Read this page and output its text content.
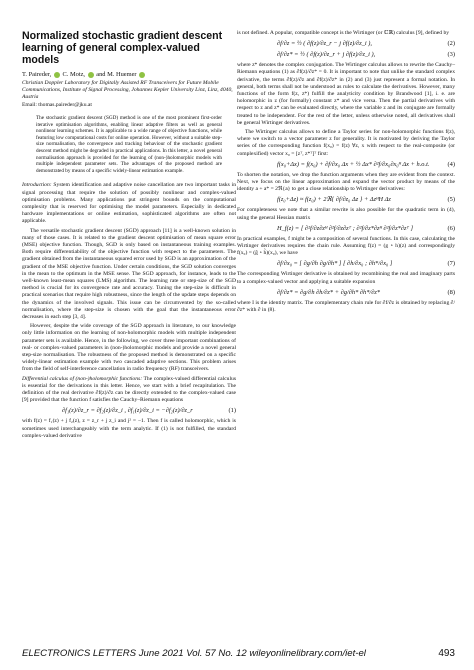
Normalized stochastic gradient descent learning of general complex-valued models
T. Paireder, C. Motz, and M. Huemer
Christian Doppler Laboratory for Digitally Assisted RF Transceivers for Future Mobile Communications, Institute of Signal Processing, Johannes Kepler University Linz, Linz, 4040, Austria
Email: thomas.paireder@jku.at
The stochastic gradient descent (SGD) method is one of the most prominent first-order iterative optimisation algorithms, enabling linear adaptive filters as well as general nonlinear learning schemes. It is applicable to a wide range of objective functions, while featuring low computational costs for online operation. However, without a suitable step-size normalisation, the convergence and tracking behaviour of the stochastic gradient descent method might be degraded in practical applications. In this letter, a novel general normalisation approach is provided for the learning of (non-)holomorphic models with multiple independent parameter sets. The advantages of the proposed method are demonstrated by means of a specific widely-linear estimation example.

Introduction: System identification and adaptive noise cancellation are two important tasks in signal processing that require the solution of possibly nonlinear and complex-valued optimisation problems. Many applications put stringent bounds on the computational complexity that is reserved for optimising the model parameters. Especially in dedicated hardware implementations or online estimation, sophisticated algorithms are often not applicable.

The versatile stochastic gradient descent (SGD) approach [11] is a well-known solution in many of those cases. It is related to the gradient descent optimisation of mean square error (MSE) objective function. Though, SGD is only based on instantaneous training examples. Both require differentiability of the objective function with respect to the parameters. The gradient obtained from the instantaneous squared error used by SGD is an approximation of the gradient of the MSE objective function. Under certain conditions, the SGD solution converges in the mean to the optimum in the MSE sense. The SGD approach, for instance, leads to the well-known least-mean squares (LMS) algorithm. The learning rate or step-size of the SGD method is crucial for its convergence rate and accuracy. Tuning the step-size is difficult in practical scenarios that require high robustness, since the length of the update steps depends on the dynamics of the involved signals. This issue can be circumvented by the so-called normalisation, where the step-size is chosen with the goal that the instantaneous error decreases in each step [3, 4].

However, despite the wide coverage of the SGD approach in literature, to our knowledge only little information on the learning of non-holomorphic models with multiple independent parameter sets is available. Hence, in the following, we cover three important combinations of real- or complex-valued parameters in (non-)holomorphic models and provide a novel general step-size normalisation. The robustness of the proposed method is demonstrated on a specific widely-linear estimation example with two cascaded adaptive sections. This problem arises from the field of self-interference cancellation in radio frequency (RF) transceivers.

Differential calculus of (non-)holomorphic functions: The complex-valued differential calculus is essential for the derivations in this letter. Hence, we start with a brief recapitulation. The definition of the real derivative ∂f(z)/∂z can be directly extended to the complex-valued case [9] provided that the function f satisfies the Cauchy–Riemann equations

∂f₁(z)/∂z_r = ∂f₂(z)/∂z_i , ∂f₁(z)/∂z_i = −∂f₂(z)/∂z_r	(1)

with f(z) = f₁(z) + j f₂(z), z = z_r + j z_i and j² = −1. Then f is called holomorphic, which is sometimes used interchangeably with the term analytic. If (1) is not fulfilled, the standard complex-valued derivative

is not defined. A popular, compatible concept is the Wirtinger (or ℂℝ) calculus [9], defined by

∂f/∂z = ½ ( ∂f(z)/∂z_r − j ∂f(z)/∂z_i ),	(2)
∂f/∂z* = ½ ( ∂f(z)/∂z_r + j ∂f(z)/∂z_i ),	(3)

where z* denotes the complex conjugation. The Wirtinger calculus allows to rewrite the Cauchy–Riemann equations (1) as ∂f(z)/∂z* = 0. It is important to note that unlike the standard complex derivative, the terms ∂f(z)/∂z and ∂f(z)/∂z* in (2) and (3) just represent a formal notation. In general, both terms shall not be understood as rules to calculate the derivatives. However, many functions of the form f(z, z*) fulfill the analyticity condition by Brandwood [1], i. e. are holomorphic in z (for formally) constant z* and vice versa. Then the partial derivatives with respect to z and z* can be evaluated directly, where the variable z and its conjugate are formally treated to be independent. For the rest of the letter, unless otherwise noted, all derivatives shall be general Wirtinger derivatives.

The Wirtinger calculus allows to define a Taylor series for non-holomorphic functions f(z), where we switch to a vector parameter z for generality. It is motivated by deriving the Taylor series of the corresponding function f(x₀) = f(z) ∀z, x with respect to the real-composite (or complexified) vector x₀ = [zᵀ, z*ᵀ]ᵀ first:

f(x₀+Δx) = f(x₀) + ∂f/∂x₀ Δx + ½ Δx* ∂²f/∂x₀∂x₀ᴴ Δx + h.o.t.	(4)

To shorten the notation, we drop the function arguments when they are evident from the context. Next, we focus on the linear approximation and expand the vector product by means of the identity a + a* = 2ℜ{a} to get a close relationship to Wirtinger derivatives:

f(z₀+Δz) ≈ f(z₀) + 2ℜ{ ∂f/∂z₀ Δz } + ΔzᴴH Δz	(5)

For completeness we note that a similar rewrite is also possible for the quadratic term in (4), using the general Hessian matrix

H_f(z) = [ ∂²f/∂z∂zᴴ ∂²f/∂z∂zᵀ ; ∂²f/∂z*∂zᴴ ∂²f/∂z*∂zᵀ ]	(6)

In practical examples, f might be a composition of several functions. In this case, calculating the Wirtinger derivatives requires the chain rule. Assuming f(z) = (g ∘ h)(z) and correspondingly f(x₀) = (g̃ ∘ h̃)(x₀), we have

∂f/∂x₀ = [ ∂g/∂h ∂g/∂h* ] [ ∂h/∂x₀ ; ∂h*/∂x₀ ]	(7)

The corresponding Wirtinger derivative is obtained by recombining the real and imaginary parts to a complex-valued vector and applying a suitable expansion

∂f/∂z* = ∂g/∂h ∂h/∂z* + ∂g/∂h* ∂h*/∂z*	(8)

where I is the identity matrix. The complementary chain rule for ∂f/∂z is obtained by replacing ∂/∂z* with ∂ in (8).

ELECTRONICS LETTERS June 2021 Vol. 57 No. 12 wileyonlinelibrary.com/iet-el	493
